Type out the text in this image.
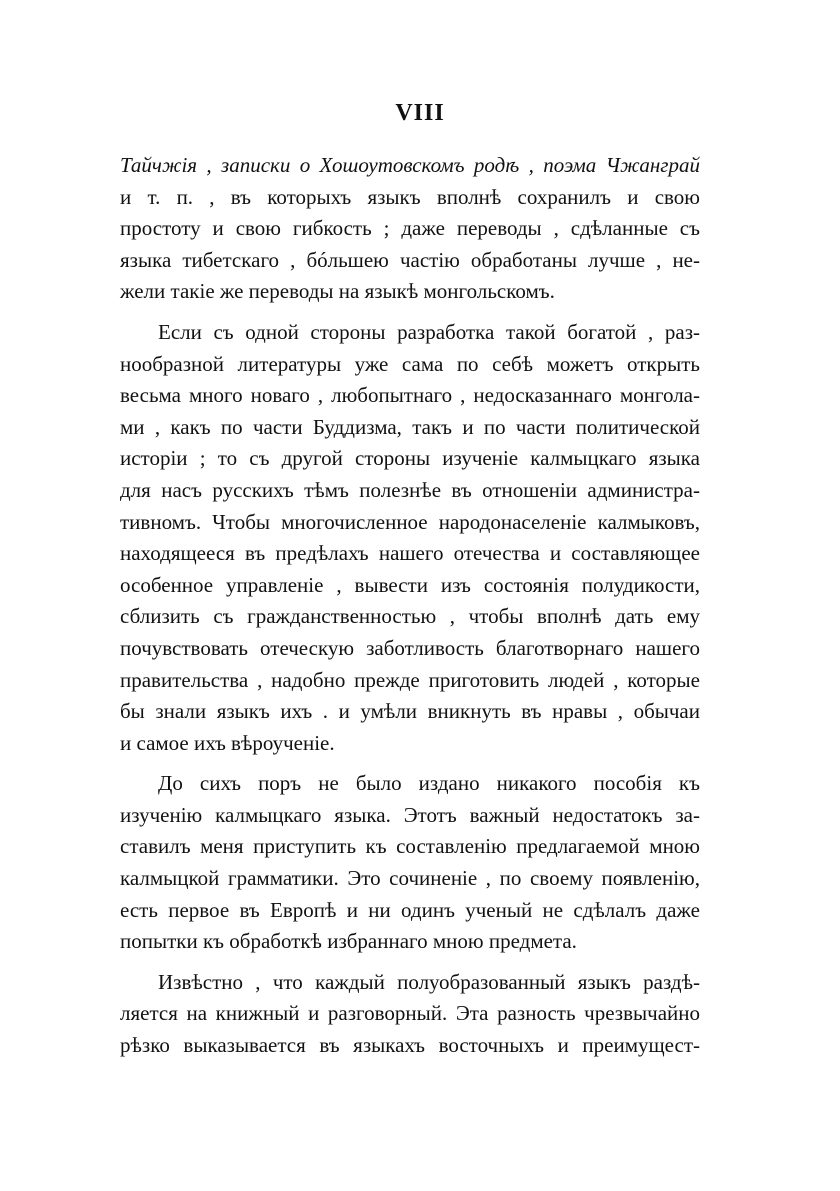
VIII
Тайчжiя , записки о Хошоутовскомъ родѣ , поэма Чжанграй
и т. п. , въ которыхъ языкъ вполнѣ сохранилъ и свою
простоту и свою гибкость ; даже переводы , сдѣланные съ
языка тибетскаго , бóльшею частiю обработаны лучше , не-
жели такiе же переводы на языкѣ монгольскомъ.
Если съ одной стороны разработка такой богатой , раз-
нообразной литературы уже сама по себѣ можетъ открыть
весьма много новаго , любопытнаго , недосказаннаго монгола-
ми , какъ по части Буддизма, такъ и по части политической
исторiи ; то съ другой стороны изученiе калмыцкаго языка
для насъ русскихъ тѣмъ полезнѣе въ отношенiи администра-
тивномъ. Чтобы многочисленное народонаселенiе калмыковъ,
находящееся въ предѣлахъ нашего отечества и составляющее
особенное управленiе , вывести изъ состоянiя полудикости,
сблизить съ гражданственностью , чтобы вполнѣ дать ему
почувствовать отеческую заботливость благотворнаго нашего
правительства , надобно прежде приготовить людей , которые
бы знали языкъ ихъ . и умѣли вникнуть въ нравы , обычаи
и самое ихъ вѣроученiе.
До сихъ поръ не было издано никакого пособiя къ
изученiю калмыцкаго языка. Этотъ важный недостатокъ за-
ставилъ меня приступить къ составленiю предлагаемой мною
калмыцкой грамматики. Это сочиненiе , по своему появленiю,
есть первое въ Европѣ и ни одинъ ученый не сдѣлалъ даже
попытки къ обработкѣ избраннаго мною предмета.
Извѣстно , что каждый полуобразованный языкъ раздѣ-
ляется на книжный и разговорный. Эта разность чрезвычайно
рѣзко выказывается въ языкахъ восточныхъ и преимущест-
